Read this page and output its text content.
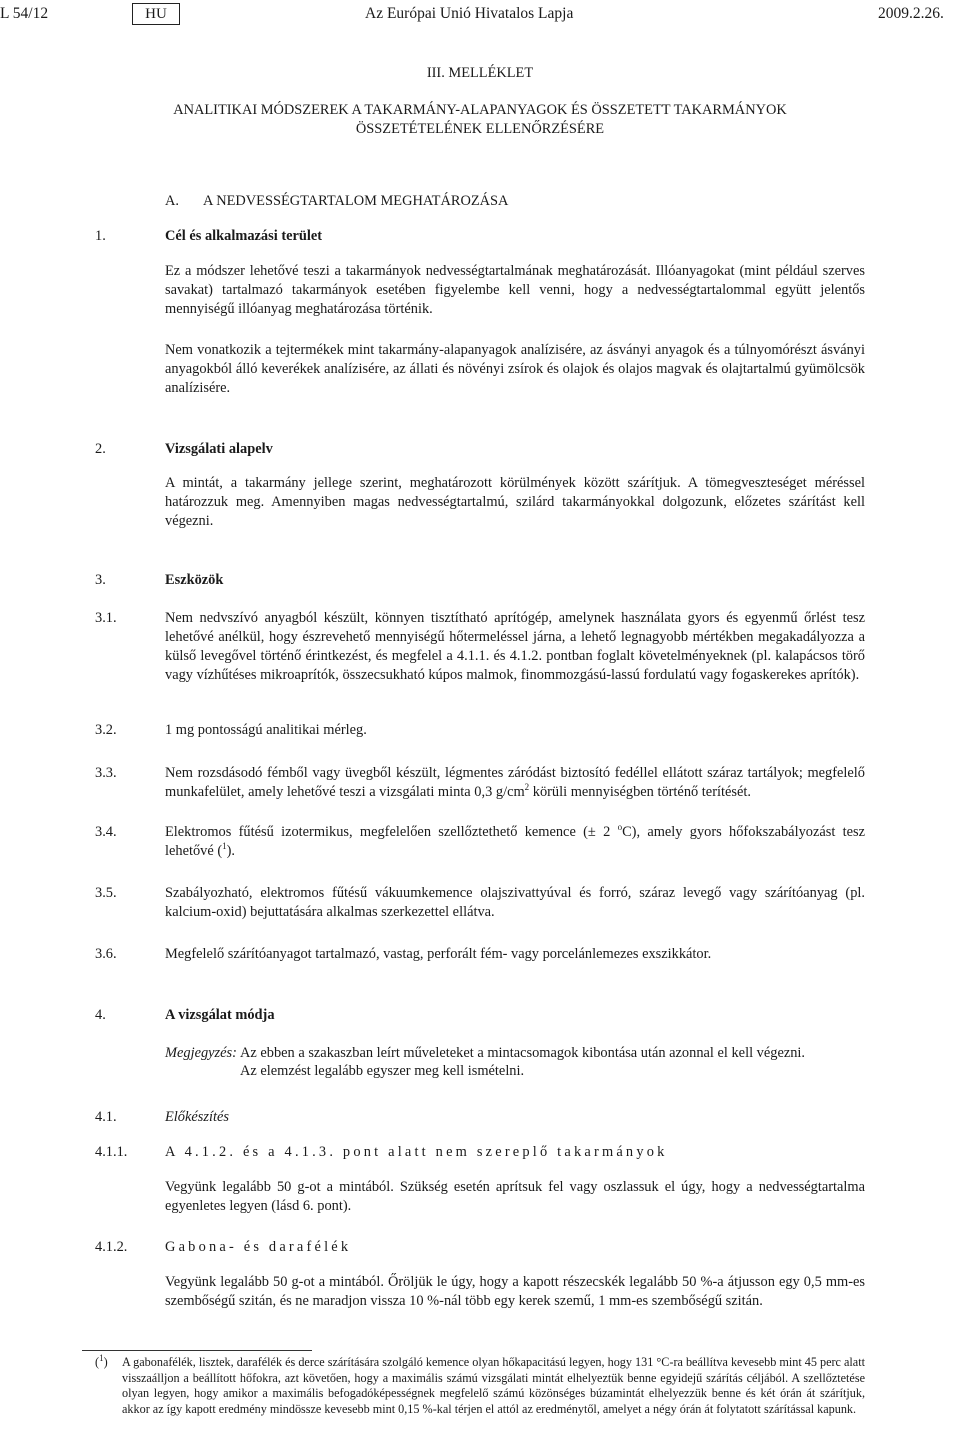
L 54/12	HU	Az Európai Unió Hivatalos Lapja	2009.2.26.
III. MELLÉKLET
ANALITIKAI MÓDSZEREK A TAKARMÁNY-ALAPANYAGOK ÉS ÖSSZETETT TAKARMÁNYOK
ÖSSZETÉTELÉNEK ELLENŐRZÉSÉRE
A. A NEDVESSÉGTARTALOM MEGHATÁROZÁSA
1.	Cél és alkalmazási terület
Ez a módszer lehetővé teszi a takarmányok nedvességtartalmának meghatározását. Illóanyagokat (mint például szerves savakat) tartalmazó takarmányok esetében figyelembe kell venni, hogy a nedvességtartalommal együtt jelentős mennyiségű illóanyag meghatározása történik.
Nem vonatkozik a tejtermékek mint takarmány-alapanyagok analízisére, az ásványi anyagok és a túlnyomórészt ásványi anyagokból álló keverékek analízisére, az állati és növényi zsírok és olajok és olajos magvak és olajtartalmú gyümölcsök analízisére.
2.	Vizsgálati alapelv
A mintát, a takarmány jellege szerint, meghatározott körülmények között szárítjuk. A tömegveszteséget méréssel határozzuk meg. Amennyiben magas nedvességtartalmú, szilárd takarmányokkal dolgozunk, előzetes szárítást kell végezni.
3.	Eszközök
3.1.	Nem nedvszívó anyagból készült, könnyen tisztítható aprítógép, amelynek használata gyors és egyenmű őrlést tesz lehetővé anélkül, hogy észrevehető mennyiségű hőtermeléssel járna, a lehető legnagyobb mértékben megakadályozza a külső levegővel történő érintkezést, és megfelel a 4.1.1. és 4.1.2. pontban foglalt követelményeknek (pl. kalapácsos törő vagy vízhűtéses mikroaprítók, összecsukható kúpos malmok, finommozgású-lassú fordulatú vagy fogaskerekes aprítók).
3.2.	1 mg pontosságú analitikai mérleg.
3.3.	Nem rozsdásodó fémből vagy üvegből készült, légmentes záródást biztosító fedéllel ellátott száraz tartályok; megfelelő munkafelület, amely lehetővé teszi a vizsgálati minta 0,3 $g/cm^2$ körüli mennyiségben történő terítését.
3.4.	Elektromos fűtésű izotermikus, megfelelően szellőztethető kemence (± 2 $^o$C), amely gyors hőfokszabályozást tesz lehetővé ($^1$).
3.5.	Szabályozható, elektromos fűtésű vákuumkemence olajszivattyúval és forró, száraz levegő vagy szárítóanyag (pl. kalcium-oxid) bejuttatására alkalmas szerkezettel ellátva.
3.6.	Megfelelő szárítóanyagot tartalmazó, vastag, perforált fém- vagy porcelánlemezes exszikkátor.
4.	A vizsgálat módja
Megjegyzés: Az ebben a szakaszban leírt műveleteket a mintacsomagok kibontása után azonnal el kell végezni.
Az elemzést legalább egyszer meg kell ismételni.
4.1.	Előkészítés
4.1.1.	A 4.1.2. és a 4.1.3. pont alatt nem szereplő takarmányok
Vegyünk legalább 50 g-ot a mintából. Szükség esetén aprítsuk fel vagy oszlassuk el úgy, hogy a nedvességtartalma egyenletes legyen (lásd 6. pont).
4.1.2.	Gabona- és darafélék
Vegyünk legalább 50 g-ot a mintából. Őröljük le úgy, hogy a kapott részecskék legalább 50 %-a átjusson egy 0,5 mm-es szembőségű szitán, és ne maradjon vissza 10 %-nál több egy kerek szemű, 1 mm-es szembőségű szitán.
($^1$) A gabonafélék, lisztek, darafélék és derce szárítására szolgáló kemence olyan hőkapacitású legyen, hogy 131 °C-ra beállítva kevesebb mint 45 perc alatt visszaálljon a beállított hőfokra, azt követően, hogy a maximális számú vizsgálati mintát elhelyeztük benne egyidejű szárítás céljából. A szellőztetése olyan legyen, hogy amikor a maximális befogadóképességnek megfelelő számú közönséges búzamintát elhelyezzük benne és két órán át szárítjuk, akkor az így kapott eredmény mindössze kevesebb mint 0,15 %-kal térjen el attól az eredménytől, amelyet a négy órán át folytatott szárítással kapunk.
